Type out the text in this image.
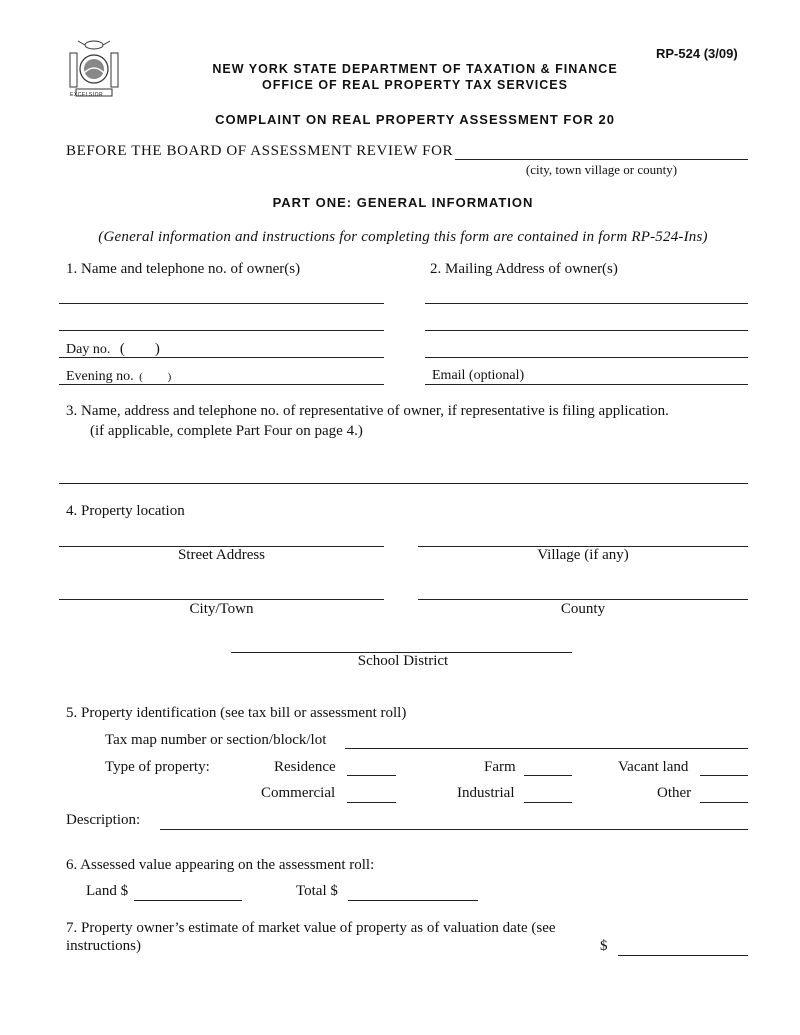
EXCELSIOR
RP-524 (3/09)
NEW YORK STATE DEPARTMENT OF TAXATION & FINANCE
OFFICE OF REAL PROPERTY TAX SERVICES
COMPLAINT ON REAL PROPERTY ASSESSMENT FOR 20
BEFORE THE BOARD OF ASSESSMENT REVIEW FOR
(city, town village or county)
PART ONE: GENERAL INFORMATION
(General information and instructions for completing this form are contained in form RP-524-Ins)
1. Name and telephone no. of owner(s)	2. Mailing Address of owner(s)
Day no. (        )
Evening no. (         )	Email (optional)
3. Name, address and telephone no. of representative of owner, if representative is filing application.
(if applicable, complete Part Four on page 4.)
4. Property location
Street Address	Village (if any)
City/Town	County
School District
5. Property identification (see tax bill or assessment roll)
Tax map number or section/block/lot
Type of property:	Residence	Farm	Vacant land
Commercial	Industrial	Other
Description:
6. Assessed value appearing on the assessment roll:
Land $	Total $
7. Property owner’s estimate of market value of property as of valuation date (see
instructions)	$
